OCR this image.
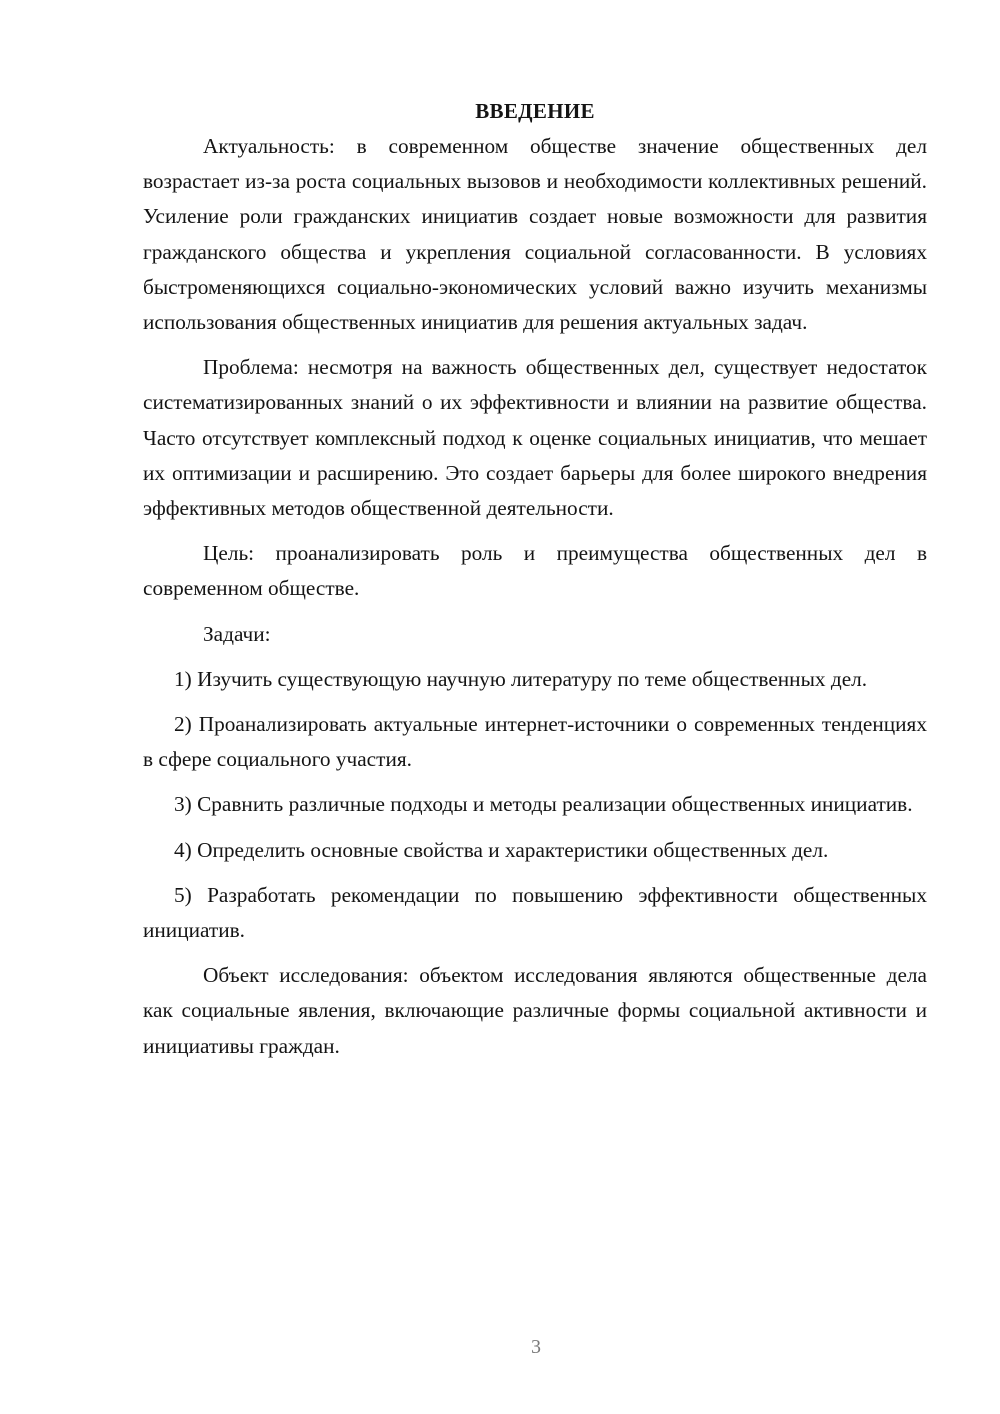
ВВЕДЕНИЕ

Актуальность: в современном обществе значение общественных дел возрастает из-за роста социальных вызовов и необходимости коллективных решений. Усиление роли гражданских инициатив создает новые возможности для развития гражданского общества и укрепления социальной согласованности. В условиях быстроменяющихся социально-экономических условий важно изучить механизмы использования общественных инициатив для решения актуальных задач.

Проблема: несмотря на важность общественных дел, существует недостаток систематизированных знаний о их эффективности и влиянии на развитие общества. Часто отсутствует комплексный подход к оценке социальных инициатив, что мешает их оптимизации и расширению. Это создает барьеры для более широкого внедрения эффективных методов общественной деятельности.

Цель: проанализировать роль и преимущества общественных дел в современном обществе.

Задачи:

1) Изучить существующую научную литературу по теме общественных дел.

2) Проанализировать актуальные интернет-источники о современных тенденциях в сфере социального участия.

3) Сравнить различные подходы и методы реализации общественных инициатив.

4) Определить основные свойства и характеристики общественных дел.

5) Разработать рекомендации по повышению эффективности общественных инициатив.

Объект исследования: объектом исследования являются общественные дела как социальные явления, включающие различные формы социальной активности и инициативы граждан.

3
